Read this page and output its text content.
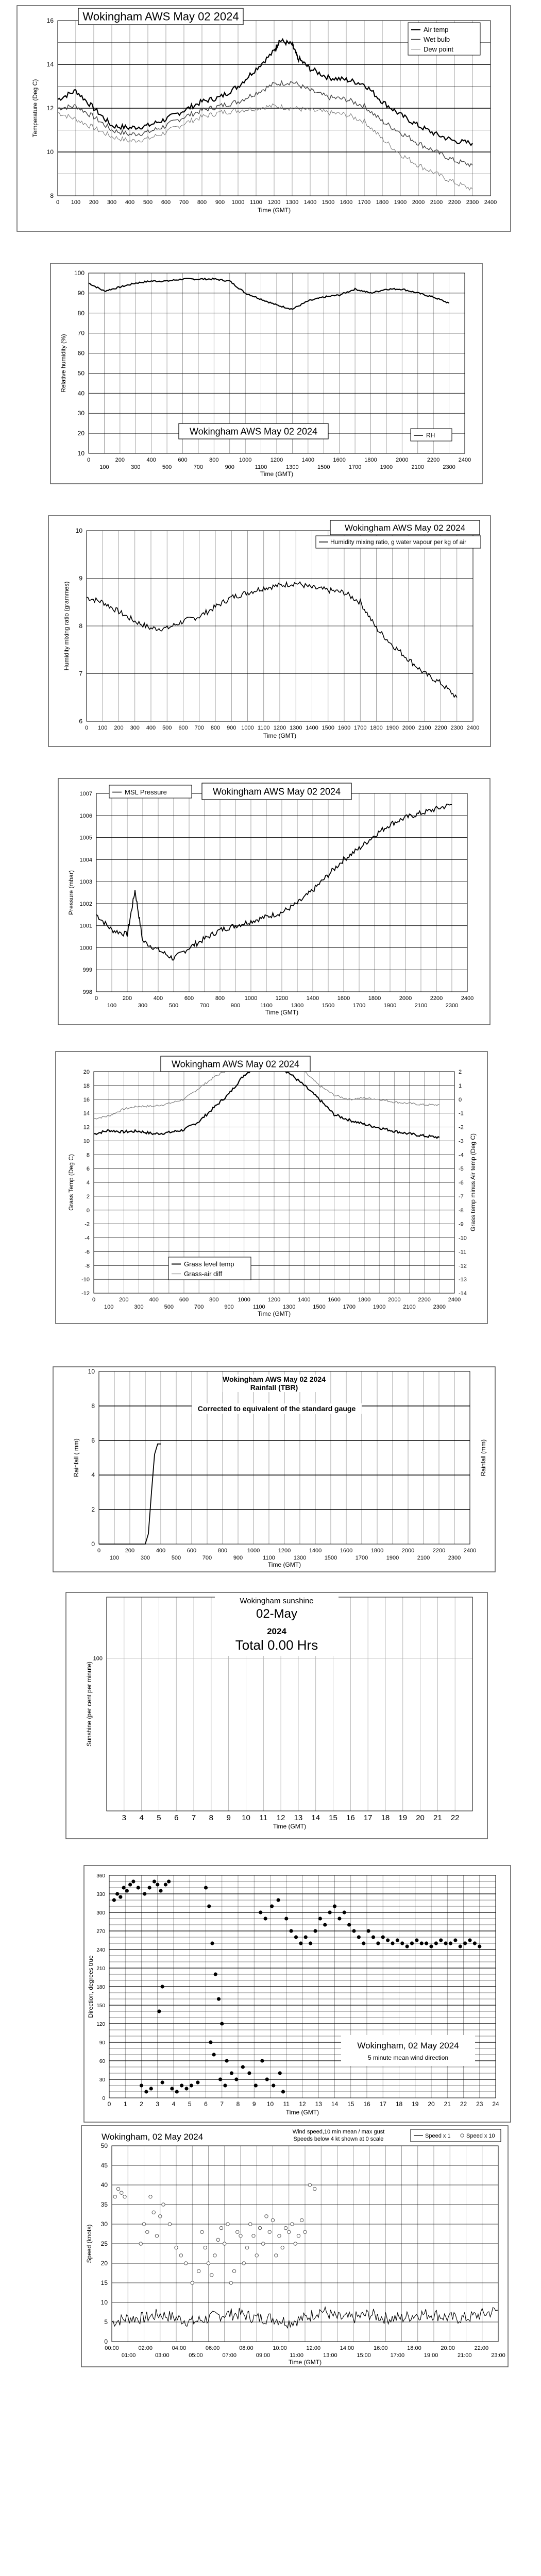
0 100 200 300 400 500 600 700 800 900 1000 1100 1200 1300 1400 1500 1600 1700 1800 1900 2000 2100 2200 2300 2400
8
10
12
14
16
Time (GMT)
Temperature (Deg C)
Wokingham AWS May 02 2024
Air temp
Wet bulb
Dew point
0
100
200
300
400
500
600
700
800
900
1000
1100
1200
1300
1400
1500
1600
1700
1800
1900
2000
2100
2200
2300
2400
10
20
30
40
50
60
70
80
90
100
Time (GMT)
Relative humidity (%)
Wokingham AWS May 02 2024	RH
0 100 200 300 400 500 600 700 800 900 1000 1100 1200 1300 1400 1500 1600 1700 1800 1900 2000 2100 2200 2300 2400
6
7
8
9
10
Time (GMT)
Humidity mixing ratio (grammes)
Wokingham AWS May 02 2024
Humidity mixing ratio, g water vapour per kg of air
0
100
200
300
400
500
600
700
800
900
1000
1100
1200
1300
1400
1500
1600
1700
1800
1900
2000
2100
2200
2300
2400
998
999
1000
1001
1002
1003
1004
1005
1006
1007
Time (GMT)
Pressure (mbar)
MSL Pressure	Wokingham AWS May 02 2024
0
100
200
300
400
500
600
700
800
900
1000
1100
1200
1300
1400
1500
1600
1700
1800
1900
2000
2100
2200
2300
2400
20
18
16
14
12
10
8
6
4
2
0
-2
-4
-6
-8
-10
-12
2
1
0
-1
-2
-3
-4
-5
-6
-7
-8
-9
-10
-11
-12
-13
-14
Time (GMT)
Grass Temp (Deg C)	Grass temp minus Air temp (Deg C)
Wokingham AWS May 02 2024
Grass level temp
Grass-air diff
0
100
200
300
400
500
600
700
800
900
1000
1100
1200
1300
1400
1500
1600
1700
1800
1900
2000
2100
2200
2300
2400
0
2
4
6
8
10
Time (GMT)
Rainfall ( mm)	Rainfall (mm)
Wokingham AWS May 02 2024
Rainfall (TBR)
Corrected to equivalent of the standard gauge
3 4 5 6 7 8 9 10 11 12 13 14 15 16 17 18 19 20 21 22
100
Time (GMT)
Sunshine (per cent per minute)
Wokingham sunshine
02-May
2024
Total 0.00 Hrs
0 1 2 3 4 5 6 7 8 9 10 11 12 13 14 15 16 17 18 19 20 21 22 23 24
0
30
60
90
120
150
180
210
240
270
300
330
360
Time (GMT)
Direction, degrees true
Wokingham, 02 May 2024
5 minute mean wind direction
00:00
01:00
02:00
03:00
04:00
05:00
06:00
07:00
08:00
09:00
10:00
11:00
12:00
13:00
14:00
15:00
16:00
17:00
18:00
19:00
20:00
21:00
22:00
23:00
0
5
10
15
20
25
30
35
40
45
50
Time (GMT)
Speed (knots)
Wokingham, 02 May 2024	Wind speed,10 min mean / max gust
Speeds below 4 kt shown at 0 scale	Speed x 1	Speed x 10
